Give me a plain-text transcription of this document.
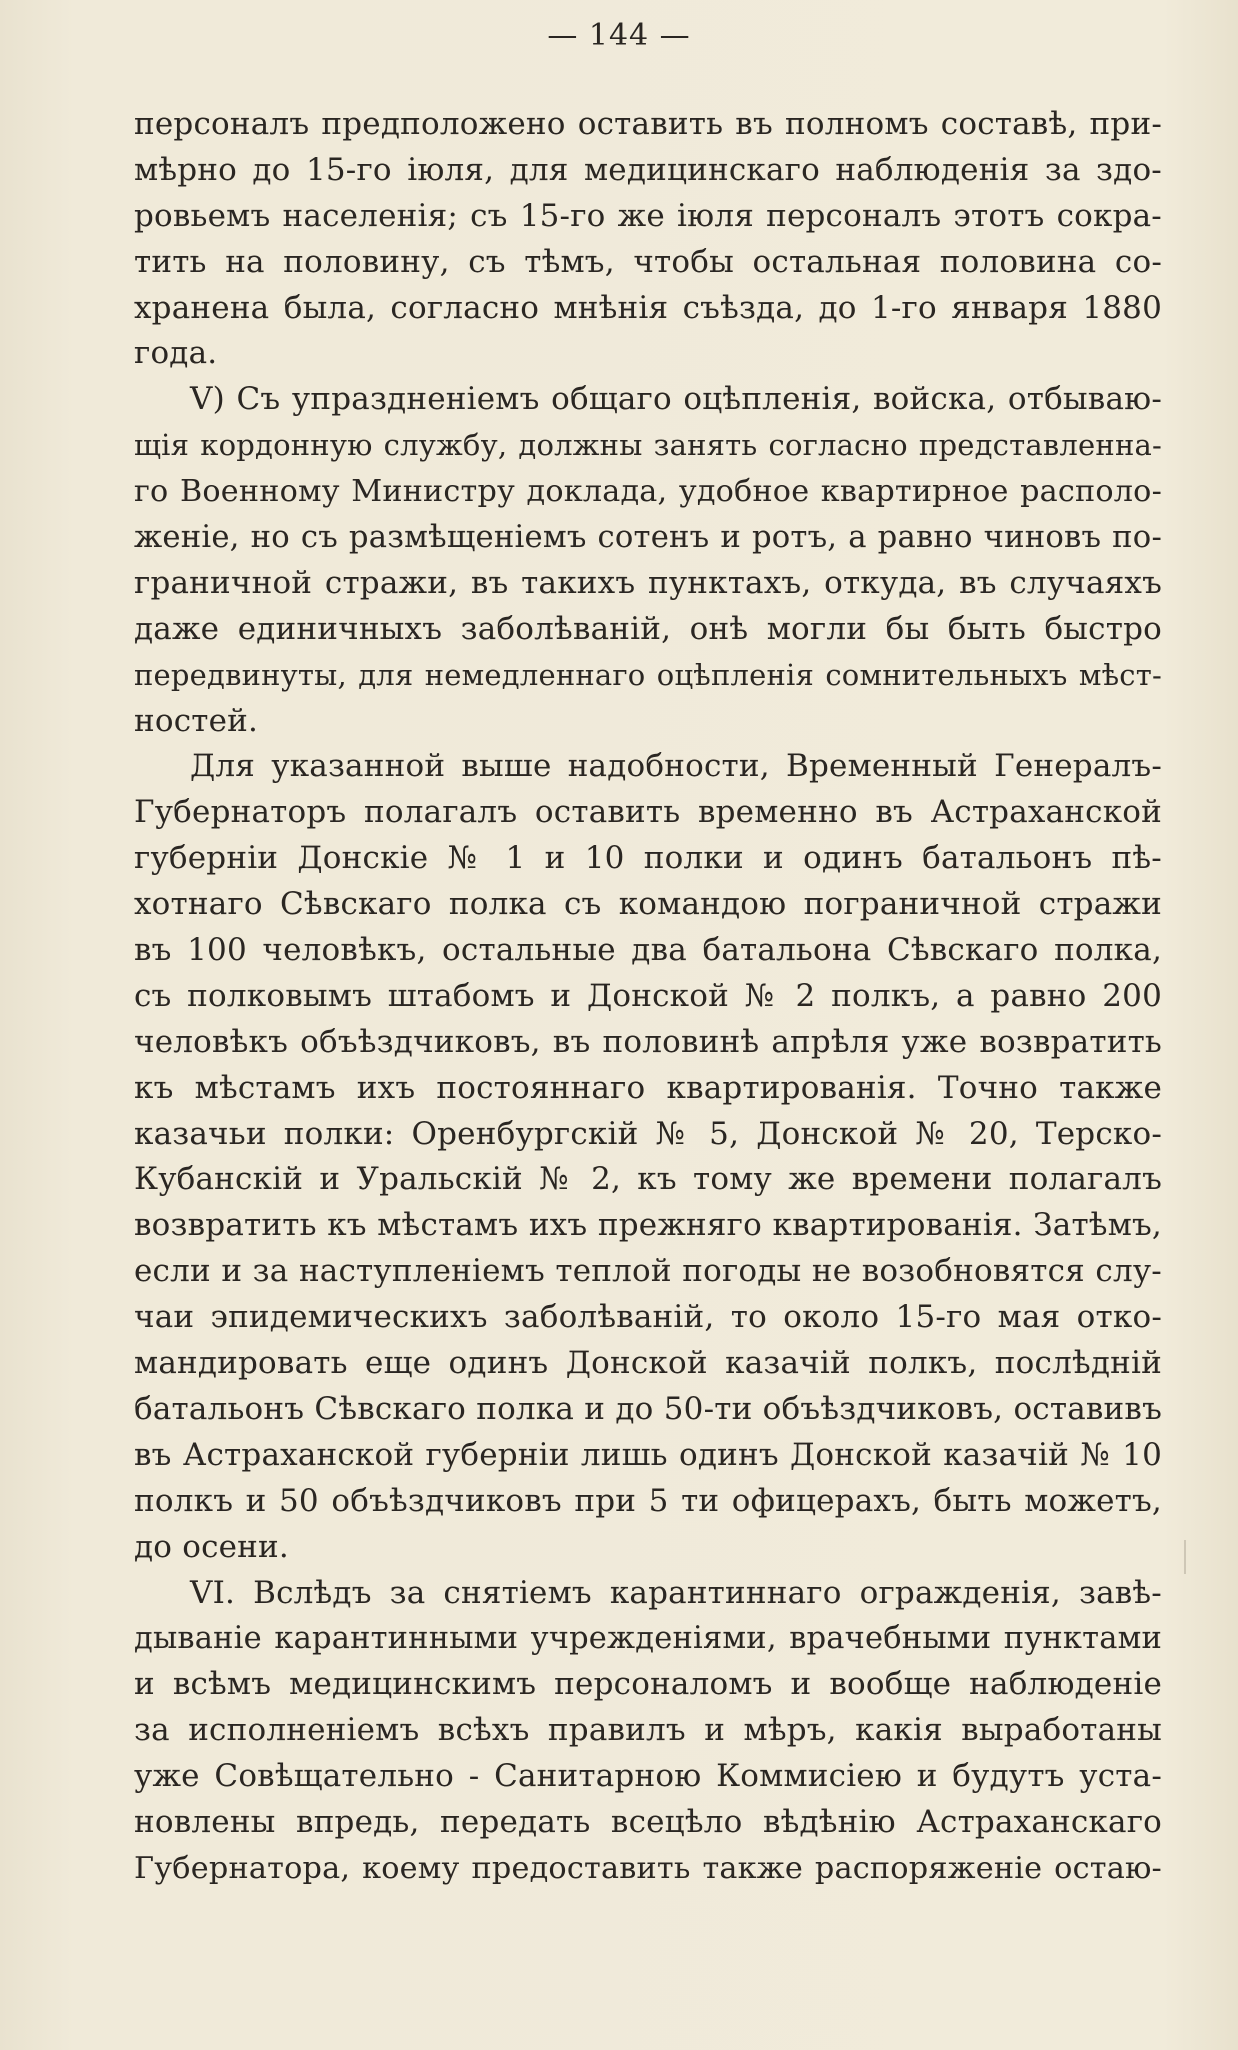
— 144 —
персоналъ предположено оставить въ полномъ составѣ, при-
мѣрно до 15-го іюля, для медицинскаго наблюденія за здо-
ровьемъ населенія; съ 15-го же іюля персоналъ этотъ сокра-
тить на половину, съ тѣмъ, чтобы остальная половина со-
хранена была, согласно мнѣнія съѣзда, до 1-го января 1880
года.
V) Съ упраздненіемъ общаго оцѣпленія, войска, отбываю-
щія кордонную службу, должны занять согласно представленна-
го Военному Министру доклада, удобное квартирное располо-
женіе, но съ размѣщеніемъ сотенъ и ротъ, а равно чиновъ по-
граничной стражи, въ такихъ пунктахъ, откуда, въ случаяхъ
даже единичныхъ заболѣваній, онѣ могли бы быть быстро
передвинуты, для немедленнаго оцѣпленія сомнительныхъ мѣст-
ностей.
Для указанной выше надобности, Временный Генералъ-
Губернаторъ полагалъ оставить временно въ Астраханской
губерніи Донскіе № 1 и 10 полки и одинъ батальонъ пѣ-
хотнаго Сѣвскаго полка съ командою пограничной стражи
въ 100 человѣкъ, остальные два батальона Сѣвскаго полка,
съ полковымъ штабомъ и Донской № 2 полкъ, а равно 200
человѣкъ объѣздчиковъ, въ половинѣ апрѣля уже возвратить
къ мѣстамъ ихъ постояннаго квартированія. Точно также
казачьи полки: Оренбургскій № 5, Донской № 20, Терско-
Кубанскій и Уральскій № 2, къ тому же времени полагалъ
возвратить къ мѣстамъ ихъ прежняго квартированія. Затѣмъ,
если и за наступленіемъ теплой погоды не возобновятся слу-
чаи эпидемическихъ заболѣваній, то около 15-го мая отко-
мандировать еще одинъ Донской казачій полкъ, послѣдній
батальонъ Сѣвскаго полка и до 50-ти объѣздчиковъ, оставивъ
въ Астраханской губерніи лишь одинъ Донской казачій № 10
полкъ и 50 объѣздчиковъ при 5 ти офицерахъ, быть можетъ,
до осени.
VI. Вслѣдъ за снятіемъ карантиннаго огражденія, завѣ-
дываніе карантинными учрежденіями, врачебными пунктами
и всѣмъ медицинскимъ персоналомъ и вообще наблюденіе
за исполненіемъ всѣхъ правилъ и мѣръ, какія выработаны
уже Совѣщательно - Санитарною Коммисіею и будутъ уста-
новлены впредь, передать всецѣло вѣдѣнію Астраханскаго
Губернатора, коему предоставить также распоряженіе остаю-
